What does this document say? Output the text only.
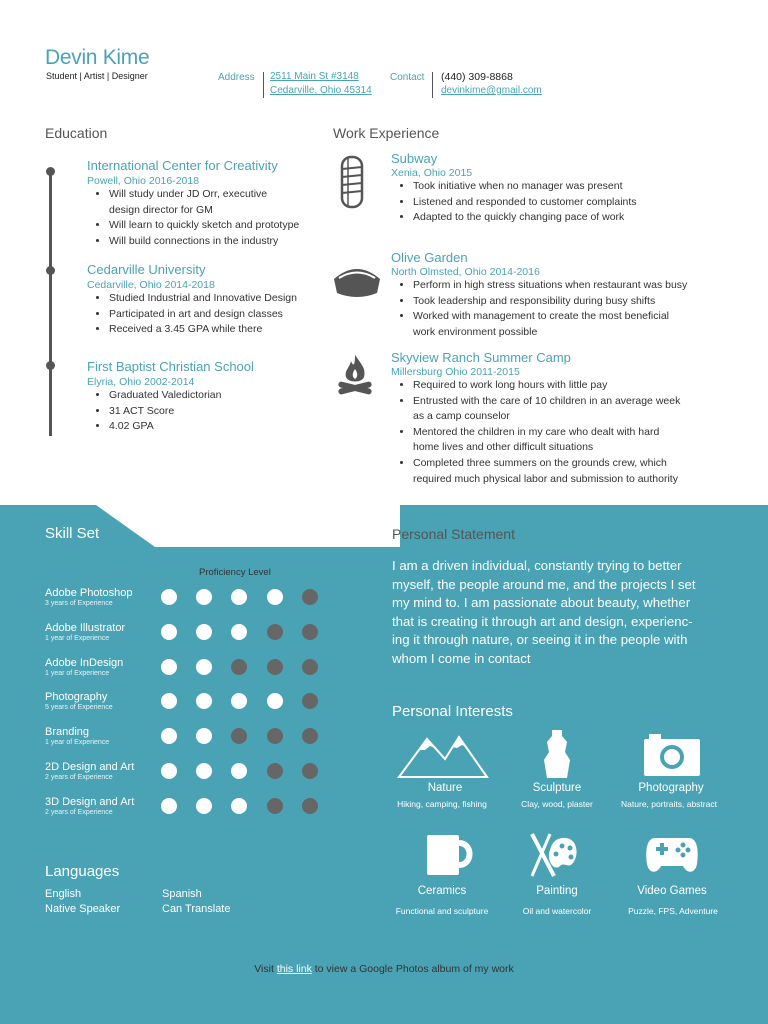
Devin Kime
Student | Artist | Designer	Address 2511 Main St #3148
Cedarville, Ohio 45314
Contact (440) 309-8868
devinkime@gmail.com
Education
International Center for Creativity
Powell, Ohio 2016-2018
• Will study under JD Orr, executive
design director for GM
• Will learn to quickly sketch and prototype
• Will build connections in the industry
Cedarville University
Cedarville, Ohio 2014-2018
• Studied Industrial and Innovative Design
• Participated in art and design classes
• Received a 3.45 GPA while there
First Baptist Christian School
Elyria, Ohio 2002-2014
• Graduated Valedictorian
• 31 ACT Score
• 4.02 GPA
Work Experience
Subway
Xenia, Ohio 2015
• Took initiative when no manager was present
• Listened and responded to customer complaints
• Adapted to the quickly changing pace of work
Olive Garden
North Olmsted, Ohio 2014-2016
• Perform in high stress situations when restaurant was busy
• Took leadership and responsibility during busy shifts
• Worked with management to create the most beneficial
work environment possible
Skyview Ranch Summer Camp
Millersburg Ohio 2011-2015
• Required to work long hours with little pay
• Entrusted with the care of 10 children in an average week
as a camp counselor
• Mentored the children in my care who dealt with hard
home lives and other difficult situations
• Completed three summers on the grounds crew, which
required much physical labor and submission to authority
Skill Set
Proficiency Level
Adobe Photoshop
3 years of Experience
Adobe Illustrator
1 year of Experience
Adobe InDesign
1 year of Experience
Photography
5 years of Experience
Branding
1 year of Experience
2D Design and Art
2 years of Experience
3D Design and Art
2 years of Experience
Languages
English
Native Speaker
Spanish
Can Translate
Personal Statement
I am a driven individual, constantly trying to better
myself, the people around me, and the projects I set
my mind to. I am passionate about beauty, whether
that is creating it through art and design, experienc-
ing it through nature, or seeing it in the people with
whom I come in contact
Personal Interests
Nature
Hiking, camping, fishing
Sculpture
Clay, wood, plaster
Photography
Nature, portraits, abstract
Ceramics
Functional and sculpture
Painting
Oil and watercolor
Video Games
Puzzle, FPS, Adventure
Visit this link to view a Google Photos album of my work
